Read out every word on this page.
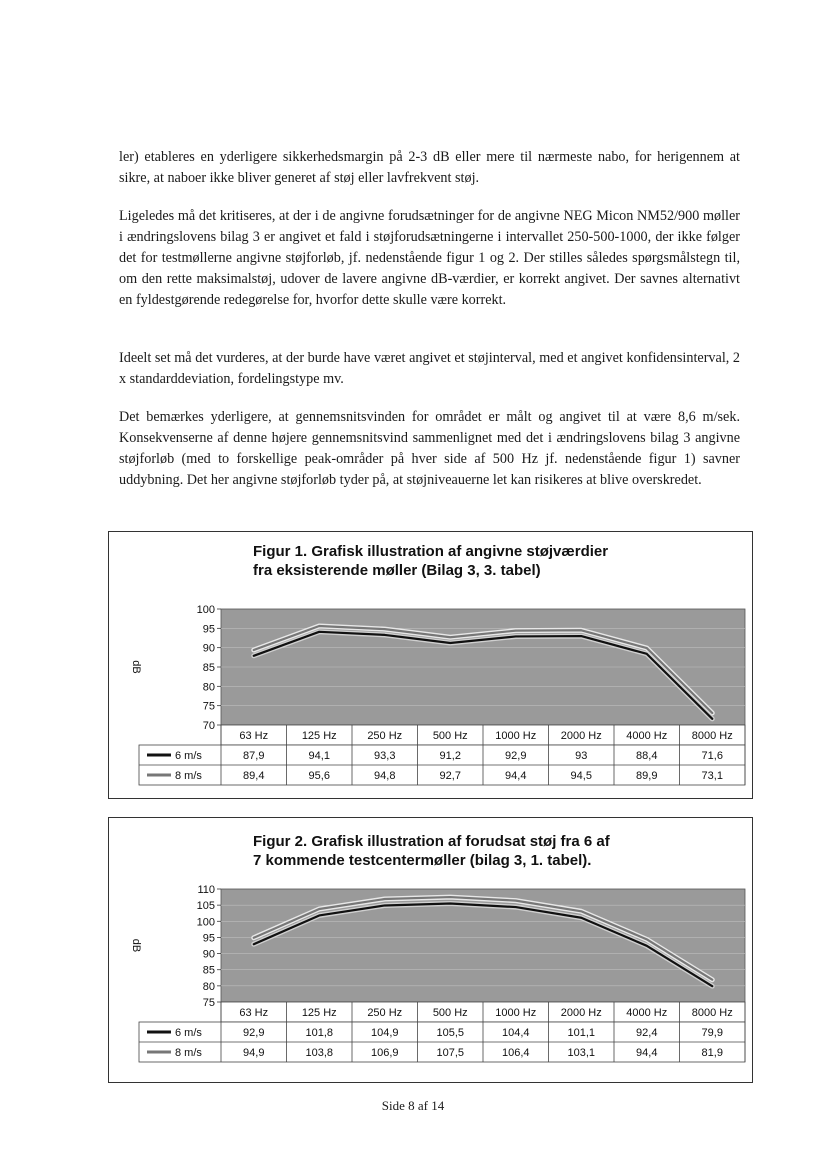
ler) etableres en yderligere sikkerhedsmargin på 2-3 dB eller mere til nærmeste nabo, for herigennem at sikre, at naboer ikke bliver generet af støj eller lavfrekvent støj.

Ligeledes må det kritiseres, at der i de angivne forudsætninger for de angivne NEG Micon NM52/900 møller i ændringslovens bilag 3 er angivet et fald i støjforudsætningerne i intervallet 250-500-1000, der ikke følger det for testmøllerne angivne støjforløb, jf. nedenstående figur 1 og 2. Der stilles således spørgsmålstegn til, om den rette maksimalstøj, udover de lavere angivne dB-værdier, er korrekt angivet. Der savnes alternativt en fyldestgørende redegørelse for, hvorfor dette skulle være korrekt.

Ideelt set må det vurderes, at der burde have været angivet et støjinterval, med et angivet konfidensinterval, 2 x standarddeviation, fordelingstype mv.

Det bemærkes yderligere, at gennemsnitsvinden for området er målt og angivet til at være 8,6 m/sek. Konsekvenserne af denne højere gennemsnitsvind sammenlignet med det i ændringslovens bilag 3 angivne støjforløb (med to forskellige peak-områder på hver side af 500 Hz jf. nedenstående figur 1) savner uddybning. Det her angivne støjforløb tyder på, at støjniveauerne let kan risikeres at blive overskredet.

Figur 1. Grafisk illustration af angivne støjværdier
fra eksisterende møller (Bilag 3, 3. tabel)
70
75
80
85
90
95
100
dB
63 Hz	125 Hz	250 Hz	500 Hz	1000 Hz 2000 Hz 4000 Hz 8000 Hz
6 m/s	87,9	94,1	93,3	91,2	92,9	93	88,4	71,6
8 m/s	89,4	95,6	94,8	92,7	94,4	94,5	89,9	73,1
Figur 2. Grafisk illustration af forudsat støj fra 6 af
7 kommende testcentermøller (bilag 3, 1. tabel).
75
80
85
90
95
100
105
110
dB
63 Hz	125 Hz	250 Hz	500 Hz	1000 Hz 2000 Hz 4000 Hz 8000 Hz
6 m/s	92,9	101,8	104,9	105,5	104,4	101,1	92,4	79,9
8 m/s	94,9	103,8	106,9	107,5	106,4	103,1	94,4	81,9
Side 8 af 14
